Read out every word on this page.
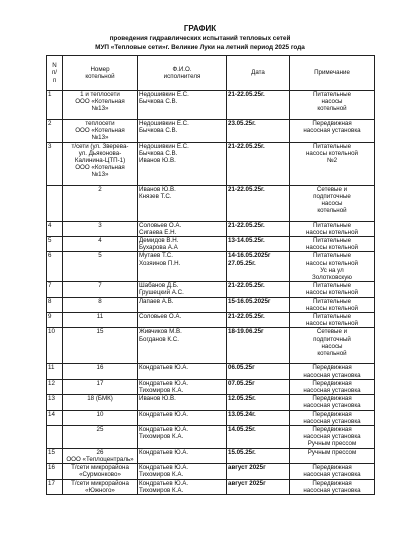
ГРАФИК
проведения гидравлических испытаний тепловых сетей
МУП «Тепловые сети»г. Великие Луки на летний период 2025 года
N
п/
п	Номер
котельной	Ф.И.О.
исполнителя	Дата	Примечание

1	1 и теплосети
ООО «Котельная
№13»	Недошивкин Е.С.
Бычкова С.В.	21-22.05.25г.	Питательные
насосы
котельной

2	теплосети
ООО «Котельная
№13»	Недошивкин Е.С.
Бычкова С.В.	23.05.25г.	Передвижная
насосная установка

3	т/сети (ул. Зверева-
ул. Дьяконова-
Калинина-ЦТП-1)
ООО «Котельная
№13»	Недошивкин Е.С.
Бычкова С.В.
Иванов Ю.В.	21-22.05.25г.	Питательные
насосы котельной
№2

	2	Иванов Ю.В.
Князев Т.С.	21-22.05.25г.	Сетевые и
подпиточные
насосы
котельной

4	3	Соловьев О.А.
Сигаева Е.Н.	21-22.05.25г.	Питательные
насосы котельной

5	4	Демидов В.Н.
Бухарова А.А	13-14.05.25г.	Питательные
насосы котельной

6	5	Мутаев Т.С.
Хозяинов П.Н.	14-16.05.2025г
27.05.25г.	Питательные
насосы котельной
Ус на ул
Золотковскую

7	7	Шабанов Д.Б.
Грушецкий А.С.	21-22.05.25г.	Питательные
насосы котельной

8	8	Лапаев А.В.	15-16.05.2025г	Питательные
насосы котельной

9	11	Соловьев О.А.	21-22.05.25г.	Питательные
насосы котельной

10	15	Живчиков М.В.
Богданов К.С.	18-19.06.25г	Сетевые и
подпиточный
насосы
котельной

11	16	Кондратьев Ю.А.	06.05.25г	Передвижная
насосная установка

12	17	Кондратьев Ю.А.
Тихомиров К.А.	07.05.25г	Передвижная
насосная установка

13	18 (БМК)	Иванов Ю.В.	12.05.25г.	Передвижная
насосная установка

14	10	Кондратьев Ю.А.	13.05.24г.	Передвижная
насосная установка

	25	Кондратьев Ю.А.
Тихомиров К.А.	14.05.25г.	Передвижная
насосная установка
Ручным прессом

15	26
ООО «Теплоцентраль»	Кондратьев Ю.А.	15.05.25г.	Ручным прессом

16	Т/сети микрорайона
«Сурмонково»	Кондратьев Ю.А.
Тихомиров К.А.	август 2025г	Передвижная
насосная установка

17	Т/сети микрорайона
«Южного»	Кондратьев Ю.А.
Тихомиров К.А.	август 2025г	Передвижная
насосная установка
